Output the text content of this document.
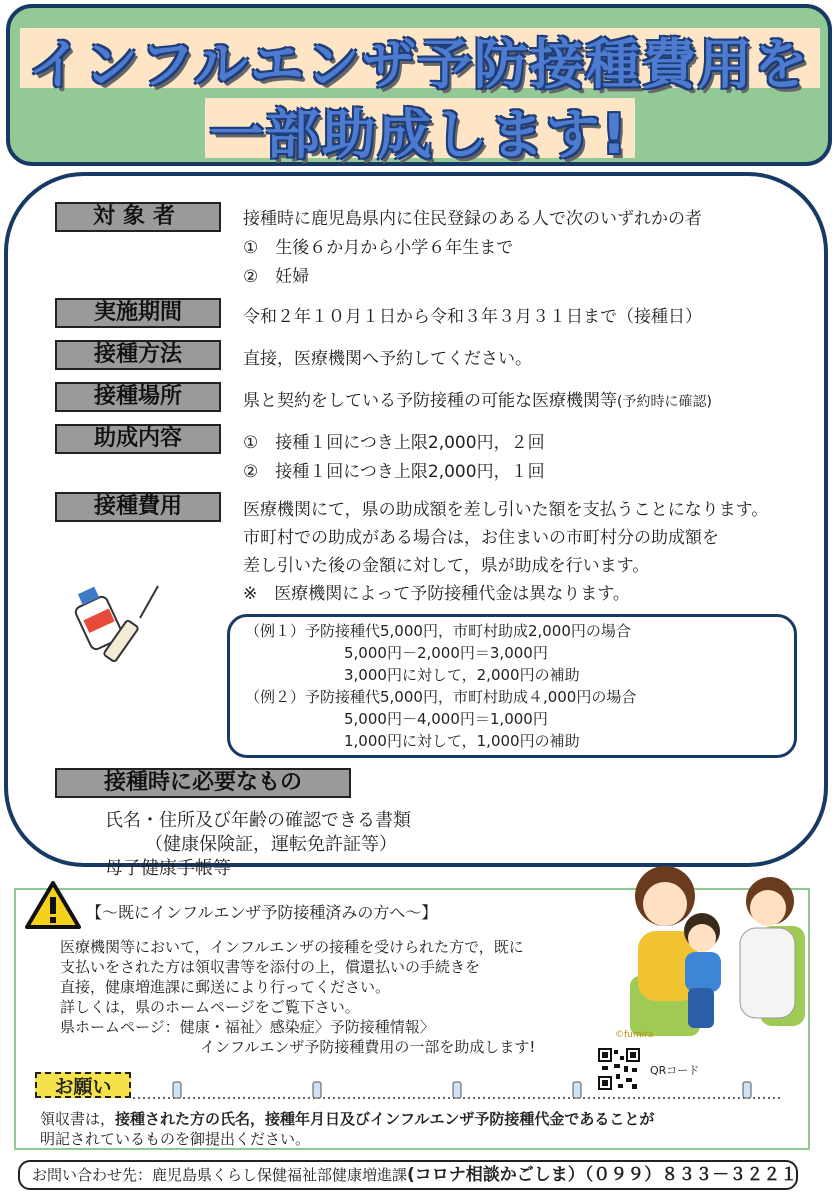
インフルエンザ予防接種費用を
一部助成します!
対象者	接種時に鹿児島県内に住民登録のある人で次のいずれかの者
①　生後６か月から小学６年生まで
②　妊婦
実施期間	令和２年１０月１日から令和３年３月３１日まで（接種日）
接種方法	直接，医療機関へ予約してください。
接種場所	県と契約をしている予防接種の可能な医療機関等(予約時に確認)
助成内容	①　接種１回につき上限2,000円，２回
②　接種１回につき上限2,000円，１回
接種費用	医療機関にて，県の助成額を差し引いた額を支払うことになります。
市町村での助成がある場合は，お住まいの市町村分の助成額を
差し引いた後の金額に対して，県が助成を行います。
※　医療機関によって予防接種代金は異なります。
（例１）予防接種代5,000円，市町村助成2,000円の場合
5,000円－2,000円＝3,000円
3,000円に対して，2,000円の補助
（例２）予防接種代5,000円，市町村助成４,000円の場合
5,000円－4,000円＝1,000円
1,000円に対して，1,000円の補助
接種時に必要なもの
氏名・住所及び年齢の確認できる書類
（健康保険証，運転免許証等）
母子健康手帳等
【～既にインフルエンザ予防接種済みの方へ～】
医療機関等において，インフルエンザの接種を受けられた方で，既に
支払いをされた方は領収書等を添付の上，償還払いの手続きを
直接，健康増進課に郵送により行ってください。
詳しくは，県のホームページをご覧下さい。
県ホームページ：健康・福祉〉感染症〉予防接種情報〉
インフルエンザ予防接種費用の一部を助成します!
©fumira
QRコード
お願い
領収書は，接種された方の氏名，接種年月日及びインフルエンザ予防接種代金であることが
明記されているものを御提出ください。
お問い合わせ先：鹿児島県くらし保健福祉部健康増進課(コロナ相談かごしま）（０９９）８３３－３２２１
